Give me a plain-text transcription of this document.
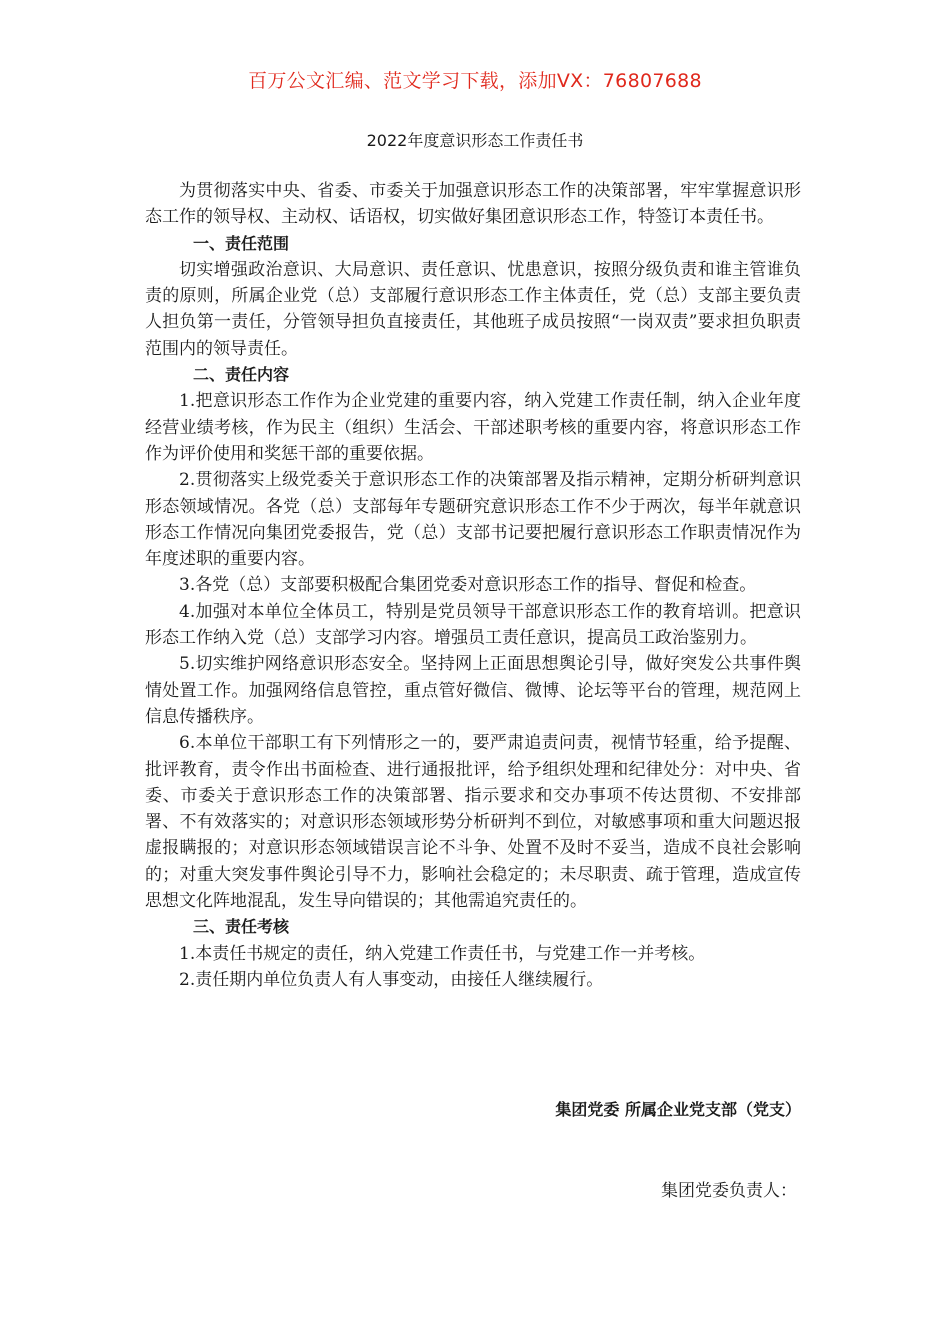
百万公文汇编、范文学习下载，添加VX：76807688
2022年度意识形态工作责任书

为贯彻落实中央、省委、市委关于加强意识形态工作的决策部署，牢牢掌握意识形态工作的领导权、主动权、话语权，切实做好集团意识形态工作，特签订本责任书。

一、责任范围

切实增强政治意识、大局意识、责任意识、忧患意识，按照分级负责和谁主管谁负责的原则，所属企业党（总）支部履行意识形态工作主体责任，党（总）支部主要负责人担负第一责任，分管领导担负直接责任，其他班子成员按照“一岗双责”要求担负职责范围内的领导责任。

二、责任内容

1.把意识形态工作作为企业党建的重要内容，纳入党建工作责任制，纳入企业年度经营业绩考核，作为民主（组织）生活会、干部述职考核的重要内容，将意识形态工作作为评价使用和奖惩干部的重要依据。

2.贯彻落实上级党委关于意识形态工作的决策部署及指示精神，定期分析研判意识形态领域情况。各党（总）支部每年专题研究意识形态工作不少于两次，每半年就意识形态工作情况向集团党委报告，党（总）支部书记要把履行意识形态工作职责情况作为年度述职的重要内容。

3.各党（总）支部要积极配合集团党委对意识形态工作的指导、督促和检查。

4.加强对本单位全体员工，特别是党员领导干部意识形态工作的教育培训。把意识形态工作纳入党（总）支部学习内容。增强员工责任意识，提高员工政治鉴别力。

5.切实维护网络意识形态安全。坚持网上正面思想舆论引导，做好突发公共事件舆情处置工作。加强网络信息管控，重点管好微信、微博、论坛等平台的管理，规范网上信息传播秩序。

6.本单位干部职工有下列情形之一的，要严肃追责问责，视情节轻重，给予提醒、批评教育，责令作出书面检查、进行通报批评，给予组织处理和纪律处分：对中央、省委、市委关于意识形态工作的决策部署、指示要求和交办事项不传达贯彻、不安排部署、不有效落实的；对意识形态领域形势分析研判不到位，对敏感事项和重大问题迟报虚报瞒报的；对意识形态领域错误言论不斗争、处置不及时不妥当，造成不良社会影响的；对重大突发事件舆论引导不力，影响社会稳定的；未尽职责、疏于管理，造成宣传思想文化阵地混乱，发生导向错误的；其他需追究责任的。

三、责任考核

1.本责任书规定的责任，纳入党建工作责任书，与党建工作一并考核。

2.责任期内单位负责人有人事变动，由接任人继续履行。

集团党委 所属企业党支部（党支）
集团党委负责人：
